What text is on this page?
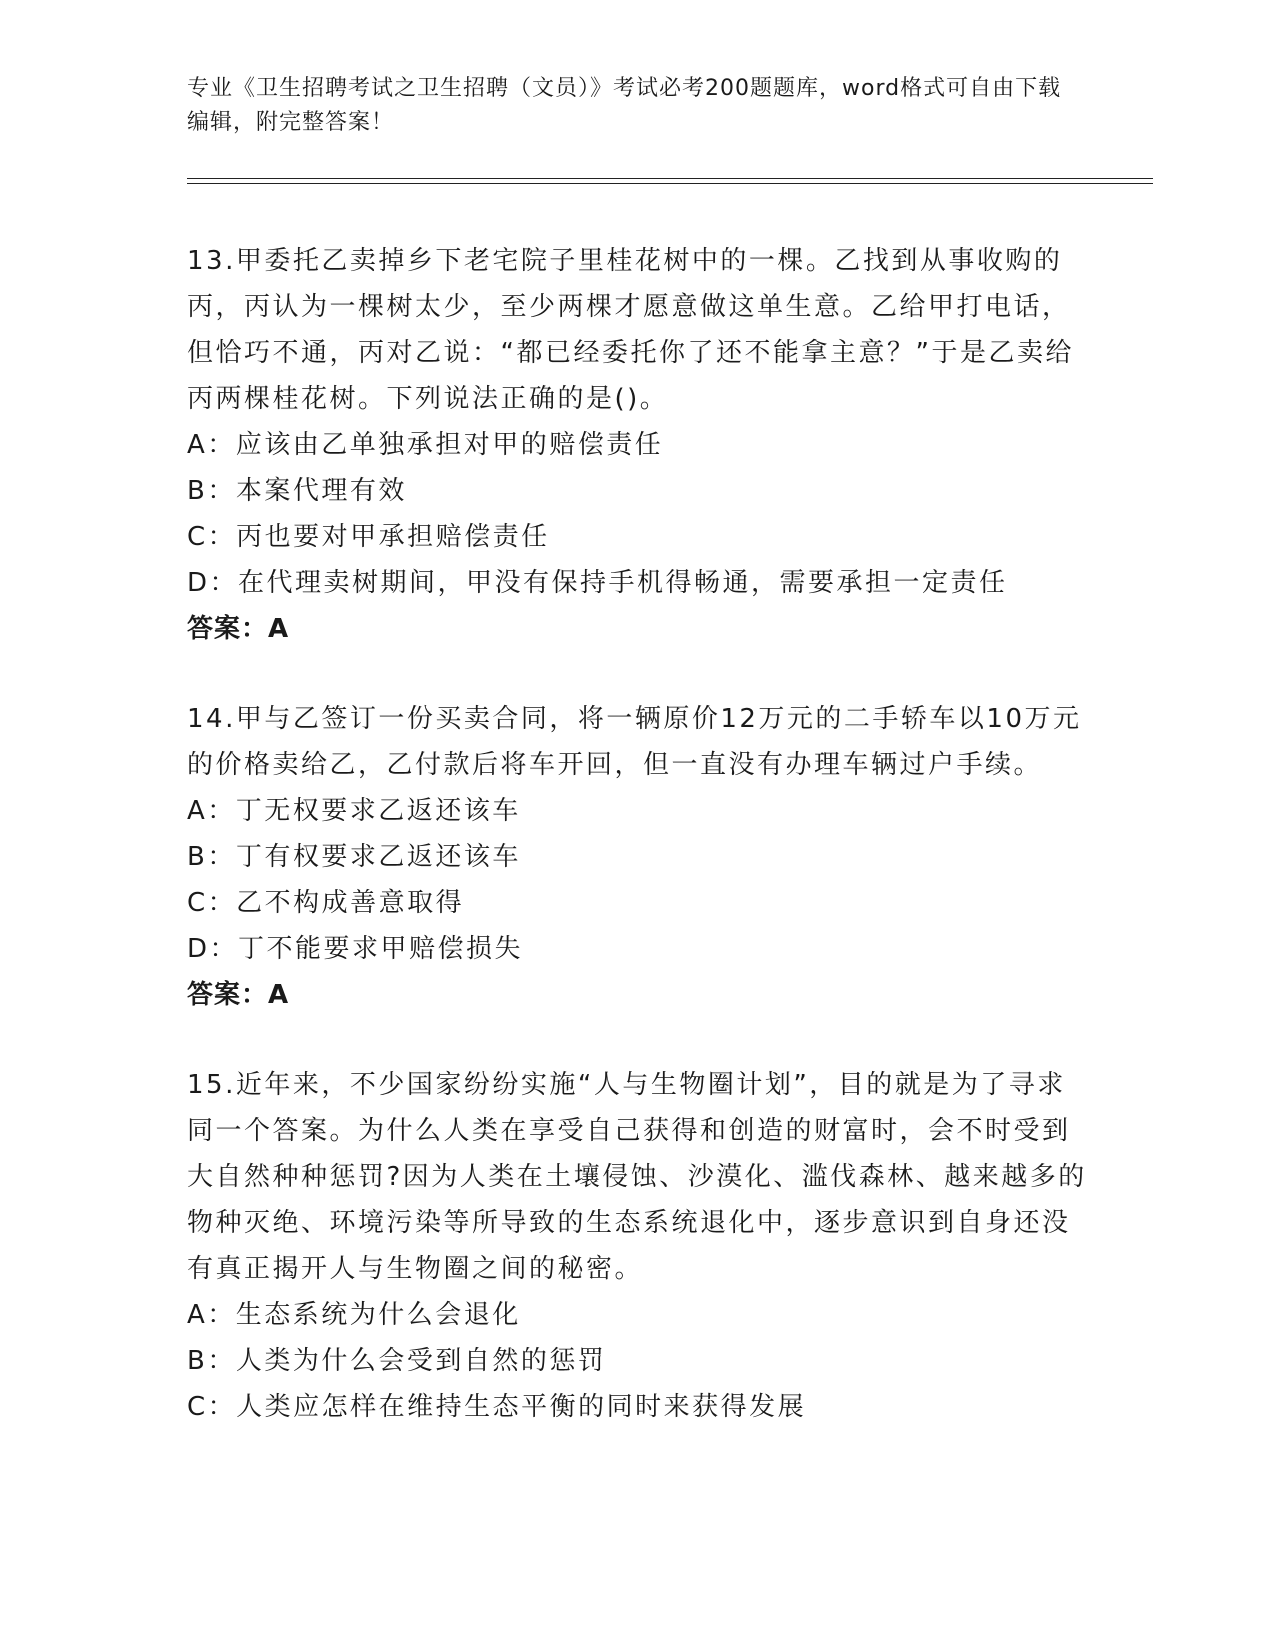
专业《卫生招聘考试之卫生招聘（文员）》考试必考200题题库，word格式可自由下载编辑，附完整答案！

13.甲委托乙卖掉乡下老宅院子里桂花树中的一棵。乙找到从事收购的丙，丙认为一棵树太少，至少两棵才愿意做这单生意。乙给甲打电话，但恰巧不通，丙对乙说：“都已经委托你了还不能拿主意？”于是乙卖给丙两棵桂花树。下列说法正确的是()。

A：应该由乙单独承担对甲的赔偿责任

B：本案代理有效

C：丙也要对甲承担赔偿责任

D：在代理卖树期间，甲没有保持手机得畅通，需要承担一定责任

答案：A

14.甲与乙签订一份买卖合同，将一辆原价12万元的二手轿车以10万元的价格卖给乙，乙付款后将车开回，但一直没有办理车辆过户手续。

A：丁无权要求乙返还该车

B：丁有权要求乙返还该车

C：乙不构成善意取得

D：丁不能要求甲赔偿损失

答案：A

15.近年来，不少国家纷纷实施“人与生物圈计划”，目的就是为了寻求同一个答案。为什么人类在享受自己获得和创造的财富时，会不时受到大自然种种惩罚?因为人类在土壤侵蚀、沙漠化、滥伐森林、越来越多的物种灭绝、环境污染等所导致的生态系统退化中，逐步意识到自身还没有真正揭开人与生物圈之间的秘密。

A：生态系统为什么会退化

B：人类为什么会受到自然的惩罚

C：人类应怎样在维持生态平衡的同时来获得发展
